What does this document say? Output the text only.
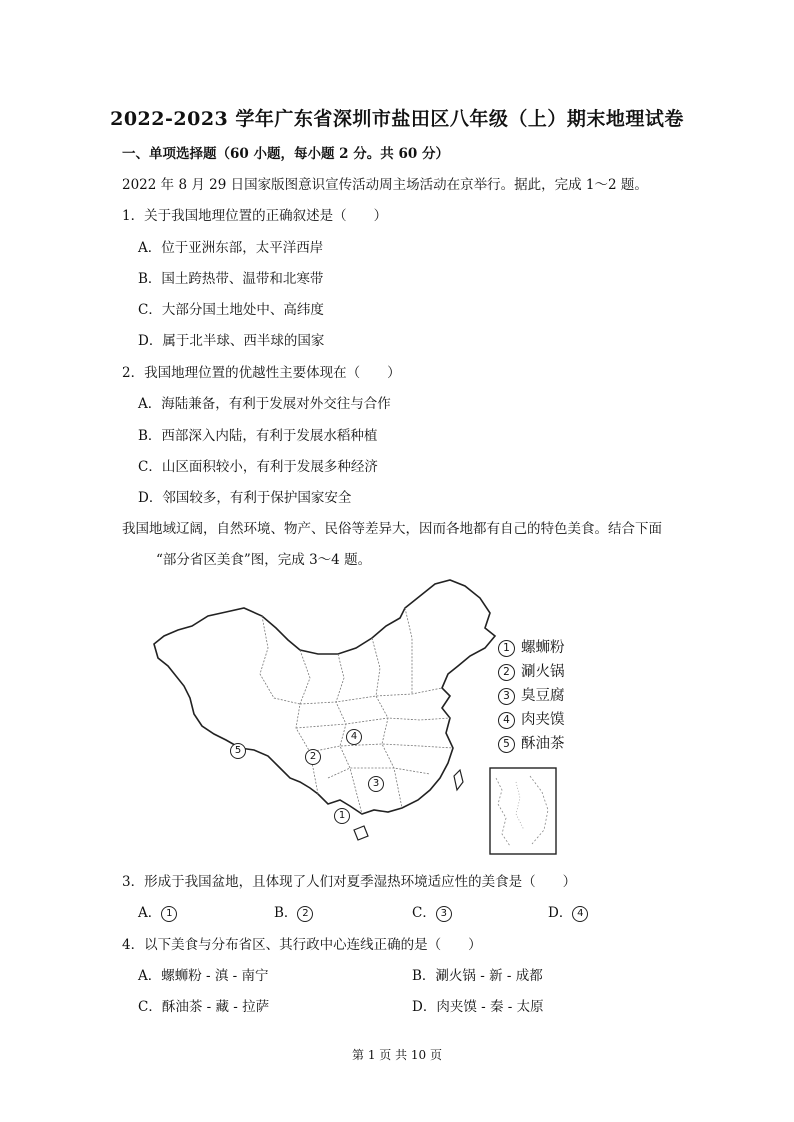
2022-2023 学年广东省深圳市盐田区八年级（上）期末地理试卷
一、单项选择题（60 小题，每小题 2 分。共 60 分）
2022 年 8 月 29 日国家版图意识宣传活动周主场活动在京举行。据此，完成 1～2 题。
1．关于我国地理位置的正确叙述是（　　）
A．位于亚洲东部，太平洋西岸
B．国土跨热带、温带和北寒带
C．大部分国土地处中、高纬度
D．属于北半球、西半球的国家
2．我国地理位置的优越性主要体现在（　　）
A．海陆兼备，有利于发展对外交往与合作
B．西部深入内陆，有利于发展水稻种植
C．山区面积较小，有利于发展多种经济
D．邻国较多，有利于保护国家安全
我国地域辽阔，自然环境、物产、民俗等差异大，因而各地都有自己的特色美食。结合下面
“部分省区美食”图，完成 3～4 题。
5
2
4
3
1
1 螺蛳粉
2 涮火锅
3 臭豆腐
4 肉夹馍
5 酥油茶
3．形成于我国盆地，且体现了人们对夏季湿热环境适应性的美食是（　　）
A． 1	B． 2	C． 3	D． 4
4．以下美食与分布省区、其行政中心连线正确的是（　　）
A．螺蛳粉 - 滇 - 南宁	B．涮火锅 - 新 - 成都
C．酥油茶 - 藏 - 拉萨	D．肉夹馍 - 秦 - 太原
第 1 页 共 10 页
